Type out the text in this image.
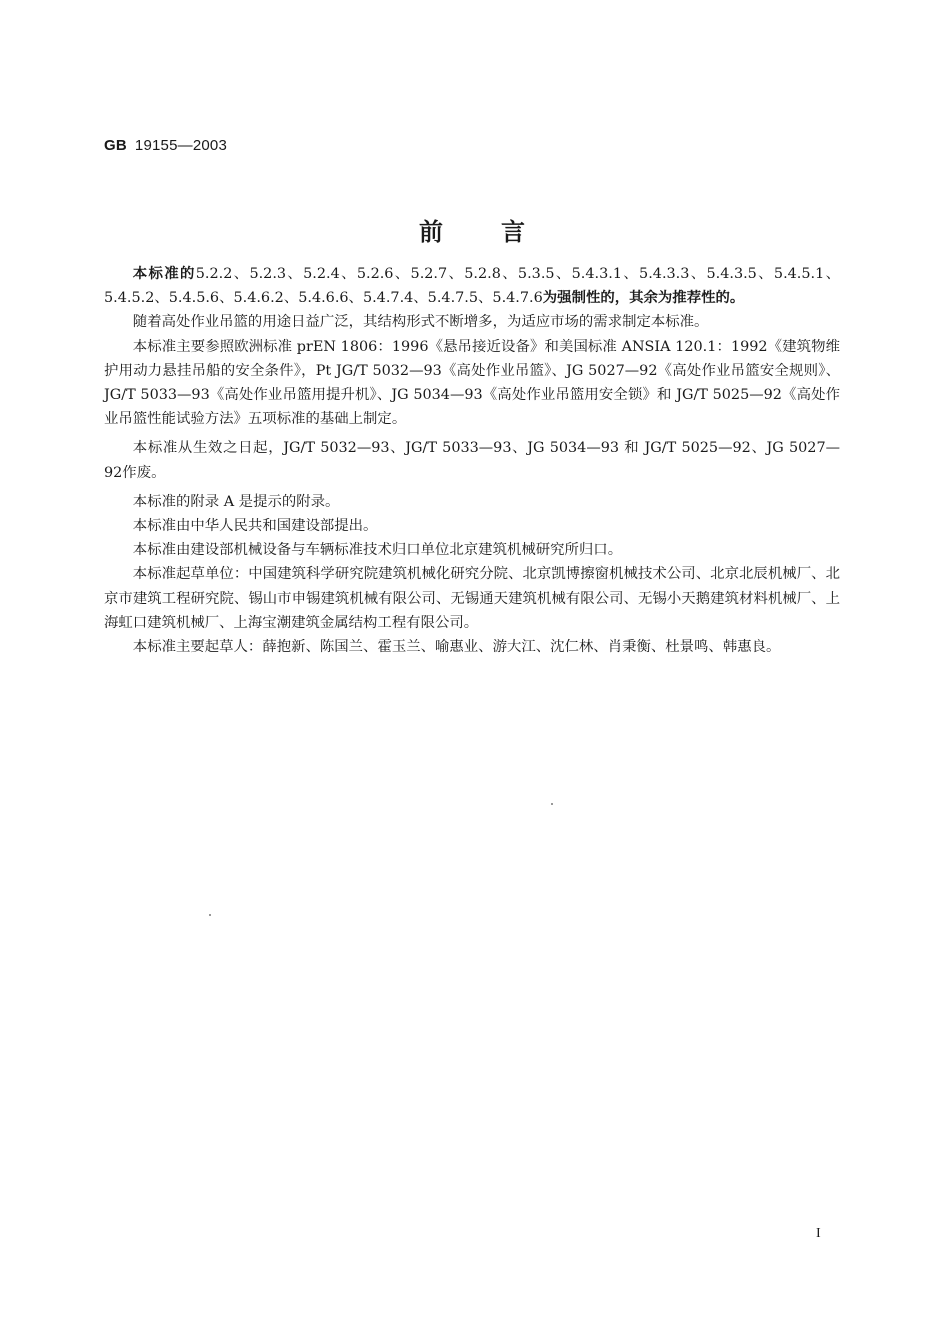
GB 19155—2003
前言

本标准的5.2.2、5.2.3、5.2.4、5.2.6、5.2.7、5.2.8、5.3.5、5.4.3.1、5.4.3.3、5.4.3.5、5.4.5.1、5.4.5.2、5.4.5.6、5.4.6.2、5.4.6.6、5.4.7.4、5.4.7.5、5.4.7.6为强制性的，其余为推荐性的。

随着高处作业吊篮的用途日益广泛，其结构形式不断增多，为适应市场的需求制定本标准。

本标准主要参照欧洲标准 prEN 1806：1996《悬吊接近设备》和美国标准 ANSIA 120.1：1992《建筑物维护用动力悬挂吊船的安全条件》，Pt JG/T 5032—93《高处作业吊篮》、JG 5027—92《高处作业吊篮安全规则》、JG/T 5033—93《高处作业吊篮用提升机》、JG 5034—93《高处作业吊篮用安全锁》和 JG/T 5025—92《高处作业吊篮性能试验方法》五项标准的基础上制定。

本标准从生效之日起，JG/T 5032—93、JG/T 5033—93、JG 5034—93 和 JG/T 5025—92、JG 5027—92作废。

本标准的附录 A 是提示的附录。

本标准由中华人民共和国建设部提出。

本标准由建设部机械设备与车辆标准技术归口单位北京建筑机械研究所归口。

本标准起草单位：中国建筑科学研究院建筑机械化研究分院、北京凯博擦窗机械技术公司、北京北辰机械厂、北京市建筑工程研究院、锡山市申锡建筑机械有限公司、无锡通天建筑机械有限公司、无锡小天鹅建筑材料机械厂、上海虹口建筑机械厂、上海宝潮建筑金属结构工程有限公司。

本标准主要起草人：薛抱新、陈国兰、霍玉兰、喻惠业、游大江、沈仁林、肖秉衡、杜景鸣、韩惠良。

I
